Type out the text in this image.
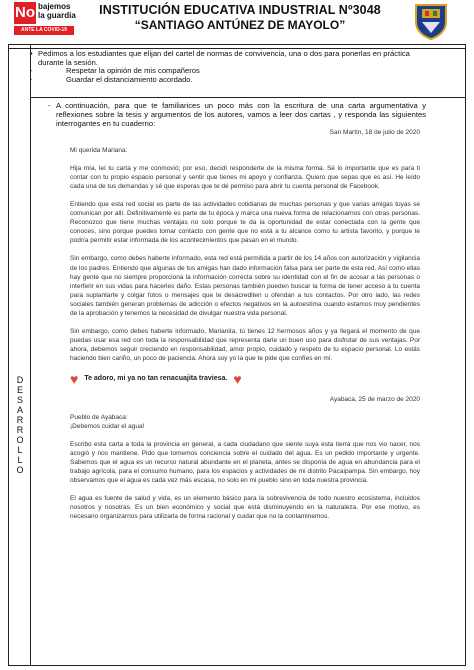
No bajemos
la guardia
ANTE LA COVID-19
INSTITUCIÓN EDUCATIVA INDUSTRIAL Nº3048
“SANTIAGO ANTÚNEZ DE MAYOLO”
D
E
S
A
R
R
O
L
L
O
• Pedimos a los estudiantes que elijan del cartel de normas de convivencia, una o dos para ponerlas en práctica durante la sesión.
-	Respetar la opinión de mis compañeros
-	Guardar el distanciamiento acordado.
- A continuación, para que te familiarices un poco más con la escritura de una carta argumentativa y reflexiones sobre la tesis y argumentos de los autores, vamos a leer dos cartas , y responda las siguientes interrogantes en tu cuaderno:
San Martín, 18 de julio de 2020

Mi querida Mariana:

Hija mía, leí tu carta y me conmovió; por eso, decidí responderte de la misma forma. Sé lo importante que es para ti contar con tu propio espacio personal y sentir que tienes mi apoyo y confianza. Quiero que sepas que es así. He leído cada una de tus demandas y sé que esperas que te dé permiso para abrir tu cuenta personal de Facebook.

Entiendo que esta red social es parte de las actividades cotidianas de muchas personas y que varias amigas tuyas se comunican por allí. Definitivamente es parte de tu época y marca una nueva forma de relacionarnos con otras personas. Reconozco que tiene muchas ventajas no solo porque te da la oportunidad de estar conectada con la gente que conoces, sino porque puedes tomar contacto con gente que no está a tu alcance como tu artista favorito, y porque te podría permitir estar informada de los acontecimientos que pasan en el mundo.

Sin embargo, como debes haberte informado, esta red está permitida a partir de los 14 años con autorización y vigilancia de los padres. Entiendo que algunas de tus amigas han dado información falsa para ser parte de esta red. Así como ellas hay gente que no siempre proporciona la información correcta sobre su identidad con el fin de acosar a las personas o interferir en sus vidas para hacerles daño. Estas personas también pueden buscar la forma de tener acceso a tu cuenta para suplantarte y colgar fotos o mensajes que te desacrediten u ofendan a tus contactos. Por otro lado, las redes sociales también generan problemas de adicción o efectos negativos en la autoestima cuando estamos muy pendientes de la aprobación y tenemos la necesidad de divulgar nuestra vida personal.

Sin embargo, como debes haberte informado, Marianita, tú tienes 12 hermosos años y ya llegará el momento de que puedas usar esa red con toda la responsabilidad que representa darle un buen uso para disfrutar de sus ventajas. Por ahora, debemos seguir creciendo en responsabilidad, amor propio, cuidado y respeto de tu espacio personal. Lo estás haciendo bien cariño, un poco de paciencia. Ahora soy yo la que te pide que confíes en mí.

♥ Te adoro, mi ya no tan renacuajita traviesa. ♥
Ayabaca, 25 de marzo de 2020

Pueblo de Ayabaca:

¡Debemos cuidar el agua!

Escribo esta carta a toda la provincia en general, a cada ciudadano que siente suya esta tierra que nos vio nacer, nos acogió y nos mantiene. Pido que tomemos conciencia sobre el cuidado del agua. Es un pedido importante y urgente. Sabemos que el agua es un recurso natural abundante en el planeta, antes se disponía de agua en abundancia para el trabajo agrícola, para el consumo humano, para los espacios y actividades de mi distrito Pacaipampa. Sin embargo, hoy observamos que el agua es cada vez más escasa, no solo en mi pueblo sino en toda nuestra provincia.

El agua es fuente de salud y vida, es un elemento básico para la sobrevivencia de todo nuestro ecosistema, incluidos nosotros y nosotras. Es un bien económico y social que está disminuyendo en la naturaleza. Por ese motivo, es necesario organizarnos para utilizarla de forma racional y cuidar que no la contaminemos.
